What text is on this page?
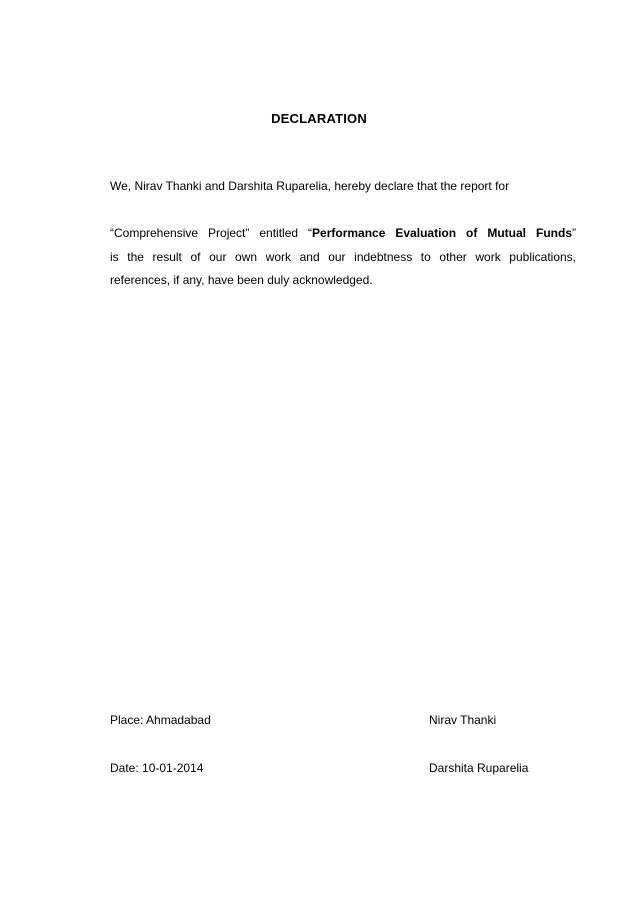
DECLARATION
We, Nirav Thanki and Darshita Ruparelia, hereby declare that the report for
“Comprehensive Project” entitled “Performance Evaluation of Mutual Funds”
is the result of our own work and our indebtness to other work publications,
references, if any, have been duly acknowledged.
Place: Ahmadabad	Nirav Thanki
Date: 10-01-2014	Darshita Ruparelia
